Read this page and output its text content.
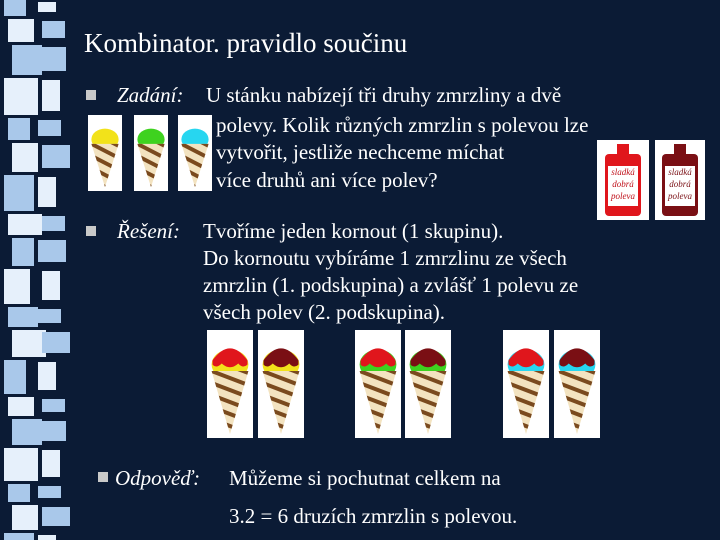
Kombinator. pravidlo součinu
Zadání: U stánku nabízejí tři druhy zmrzliny a dvě
polevy. Kolik různých zmrzlin s polevou lze
vytvořit, jestliže nechceme míchat
více druhů ani více polev?	sladká
dobrá
poleva
sladká
dobrá
poleva
Řešení: Tvoříme jeden kornout (1 skupinu).
Do kornoutu vybíráme 1 zmrzlinu ze všech
zmrzlin (1. podskupina) a zvlášť 1 polevu ze
všech polev (2. podskupina).
Odpověď: Můžeme si pochutnat celkem na
3.2 = 6 druzích zmrzlin s polevou.
